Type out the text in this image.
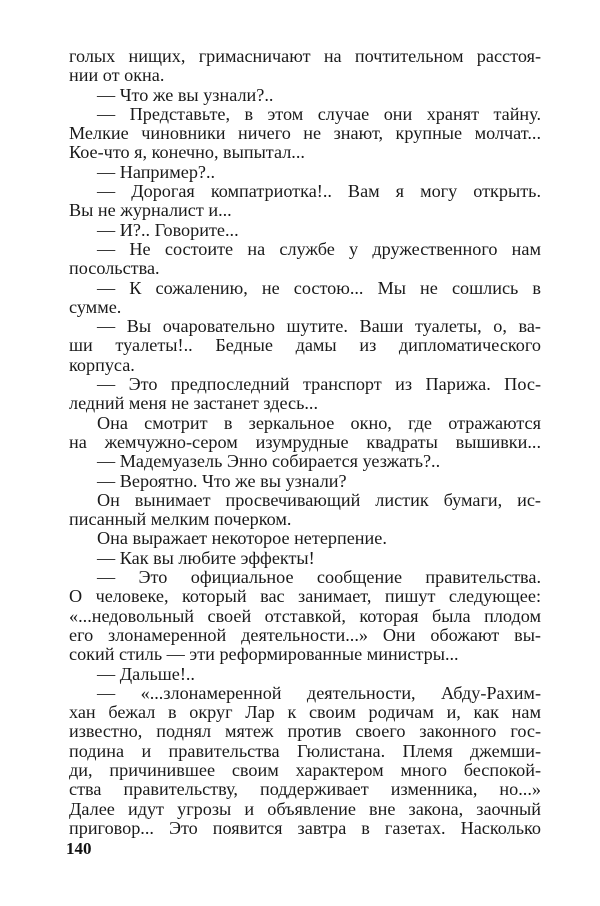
голых нищих, гримасничают на почтительном расстоя-
нии от окна.
— Что же вы узнали?..
— Представьте, в этом случае они хранят тайну.
Мелкие чиновники ничего не знают, крупные молчат...
Кое-что я, конечно, выпытал...
— Например?..
— Дорогая компатриотка!.. Вам я могу открыть.
Вы не журналист и...
— И?.. Говорите...
— Не состоите на службе у дружественного нам
посольства.
— К сожалению, не состою... Мы не сошлись в
сумме.
— Вы очаровательно шутите. Ваши туалеты, о, ва-
ши туалеты!.. Бедные дамы из дипломатического
корпуса.
— Это предпоследний транспорт из Парижа. Пос-
ледний меня не застанет здесь...
Она смотрит в зеркальное окно, где отражаются
на жемчужно-сером изумрудные квадраты вышивки...
— Мадемуазель Энно собирается уезжать?..
— Вероятно. Что же вы узнали?
Он вынимает просвечивающий листик бумаги, ис-
писанный мелким почерком.
Она выражает некоторое нетерпение.
— Как вы любите эффекты!
— Это официальное сообщение правительства.
О человеке, который вас занимает, пишут следующее:
«...недовольный своей отставкой, которая была плодом
его злонамеренной деятельности...» Они обожают вы-
сокий стиль — эти реформированные министры...
— Дальше!..
— «...злонамеренной деятельности, Абду-Рахим-
хан бежал в округ Лар к своим родичам и, как нам
известно, поднял мятеж против своего законного гос-
подина и правительства Гюлистана. Племя джемши-
ди, причинившее своим характером много беспокой-
ства правительству, поддерживает изменника, но...»
Далее идут угрозы и объявление вне закона, заочный
приговор... Это появится завтра в газетах. Насколько
140
